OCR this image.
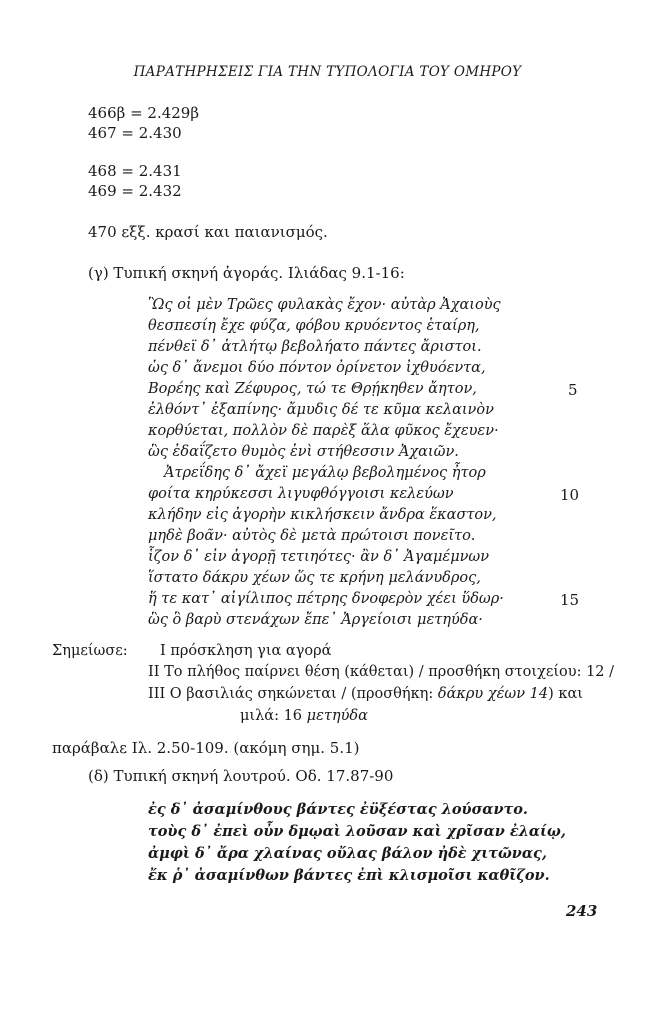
ΠΑΡΑΤΗΡΗΣΕΙΣ ΓΙΑ ΤΗΝ ΤΥΠΟΛΟΓΙΑ ΤΟΥ ΟΜΗΡΟΥ
466β = 2.429β
467 = 2.430
468 = 2.431
469 = 2.432
470 εξξ. κρασί και παιανισμός.
(γ) Τυπική σκηνή ἀγοράς. Ιλιάδας 9.1-16:
Ὣς οἱ μὲν Τρῶες φυλακὰς ἔχον· αὐτὰρ Ἀχαιοὺς
θεσπεσίη ἔχε φύζα, φόβου κρυόεντος ἑταίρη,
πένθεϊ δ᾽ ἀτλήτῳ βεβολήατο πάντες ἄριστοι.
ὡς δ᾽ ἄνεμοι δύο πόντον ὀρίνετον ἰχθυόεντα,
Βορέης καὶ Ζέφυρος, τώ τε Θρῄκηθεν ἄητον,
ἐλθόντ᾽ ἐξαπίνης· ἄμυδις δέ τε κῦμα κελαινὸν
κορθύεται, πολλὸν δὲ παρὲξ ἅλα φῦκος ἔχευεν·
ὣς ἐδαΐζετο θυμὸς ἐνὶ στήθεσσιν Ἀχαιῶν.
Ἀτρεΐδης δ᾽ ἄχεϊ μεγάλῳ βεβολημένος ἦτορ
φοίτα κηρύκεσσι λιγυφθόγγοισι κελεύων
κλήδην εἰς ἀγορὴν κικλήσκειν ἄνδρα ἕκαστον,
μηδὲ βοᾶν· αὐτὸς δὲ μετὰ πρώτοισι πονεῖτο.
ἷζον δ᾽ εἰν ἀγορῇ τετιηότες· ἂν δ᾽ Ἀγαμέμνων
ἵστατο δάκρυ χέων ὥς τε κρήνη μελάνυδρος,
ἥ τε κατ᾽ αἰγίλιπος πέτρης δνοφερὸν χέει ὕδωρ·
ὣς ὃ βαρὺ στενάχων ἔπε᾽ Ἀργείοισι μετηύδα·
5
10
15
Σημείωσε: Ι πρόσκληση για αγορά
II Το πλήθος παίρνει θέση (κάθεται) / προσθήκη στοιχείου: 12 /
III Ο βασιλιάς σηκώνεται / (προσθήκη: δάκρυ χέων 14) και
μιλά: 16 μετηύδα
παράβαλε Ιλ. 2.50-109. (ακόμη σημ. 5.1)
(δ) Τυπική σκηνή λουτρού. Οδ. 17.87-90
ἐς δ᾽ ἀσαμίνθους βάντες ἐϋξέστας λούσαντο.
τοὺς δ᾽ ἐπεὶ οὖν δμῳαὶ λοῦσαν καὶ χρῖσαν ἐλαίῳ,
ἀμφὶ δ᾽ ἄρα χλαίνας οὔλας βάλον ἠδὲ χιτῶνας,
ἔκ ῥ᾽ ἀσαμίνθων βάντες ἐπὶ κλισμοῖσι καθῖζον.
243
